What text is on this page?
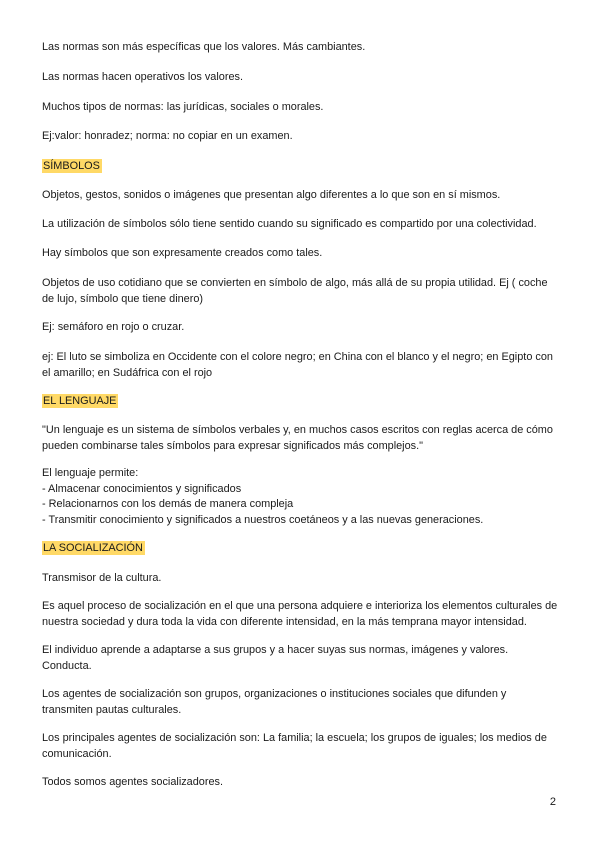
Las normas son más específicas que los valores. Más cambiantes.

Las normas hacen operativos los valores.

Muchos tipos de normas: las jurídicas, sociales o morales.

Ej:valor: honradez; norma: no copiar en un examen.

SÍMBOLOS

Objetos, gestos, sonidos o imágenes que presentan algo diferentes a lo que son en sí mismos.

La utilización de símbolos sólo tiene sentido cuando su significado es compartido por una colectividad.

Hay símbolos que son expresamente creados como tales.

Objetos de uso cotidiano que se convierten en símbolo de algo, más allá de su propia utilidad. Ej ( coche de lujo, símbolo que tiene dinero)

Ej: semáforo en rojo o cruzar.

ej: El luto se simboliza en Occidente con el colore negro; en China con el blanco y el negro; en Egipto con el amarillo; en Sudáfrica con el rojo

EL LENGUAJE

"Un lenguaje es un sistema de símbolos verbales y, en muchos casos escritos con reglas acerca de cómo pueden combinarse tales símbolos para expresar significados más complejos."

El lenguaje permite:
- Almacenar conocimientos y significados
- Relacionarnos con los demás de manera compleja
- Transmitir conocimiento y significados a nuestros coetáneos y a las nuevas generaciones.

LA SOCIALIZACIÓN

Transmisor de la cultura.

Es aquel proceso de socialización en el que una persona adquiere e interioriza los elementos culturales de nuestra sociedad y dura toda la vida con diferente intensidad, en la más temprana mayor intensidad.

El individuo aprende a adaptarse a sus grupos y a hacer suyas sus normas, imágenes y valores. Conducta.

Los agentes de socialización son grupos, organizaciones o instituciones sociales que difunden y transmiten pautas culturales.

Los principales agentes de socialización son: La familia; la escuela; los grupos de iguales; los medios de comunicación.

Todos somos agentes socializadores.

2
